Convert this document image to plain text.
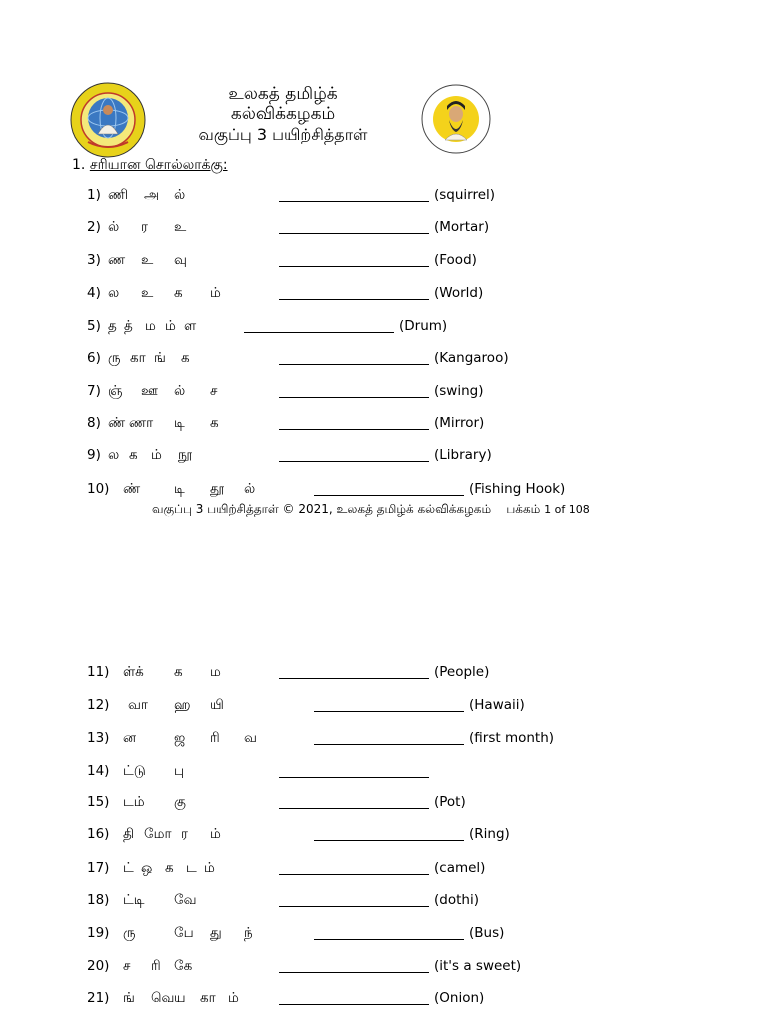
உலகத் தமிழ்க்
கல்விக்கழகம்
வகுப்பு 3 பயிற்சித்தாள்
1. சரியான சொல்லாக்கு:
1) ணி அ ல்	(squirrel)
2) ல் ர உ	(Mortar)
3) ண உ வு	(Food)
4) ல உ க ம்	(World)
5) த த் ம ம் ள	(Drum)
6) ரு கா ங் க	(Kangaroo)
7) ஞ் ஊ ல் ச	(swing)
8) ண் ணா டி க	(Mirror)
9) ல க ம் நூ	(Library)
10) ண்	டி தூ ல்	(Fishing Hook)
11) ள்க் க ம	(People)
12) வா ஹ யி	(Hawaii)
13) ன	ஜ ரி வ	(first month)
14) ட்டு பு
15) டம் கு	(Pot)
16) தி மோ ர ம்	(Ring)
17) ட் ஒ க ட ம்	(camel)
18) ட்டி வே	(dothi)
19) ரு	பே து ந்	(Bus)
20) ச ரி கே	(it's a sweet)
21) ங் வெ ய கா ம்	(Onion)
வகுப்பு 3 பயிற்சித்தாள் © 2021, உலகத் தமிழ்க் கல்விக்கழகம் பக்கம் 1 of 108
